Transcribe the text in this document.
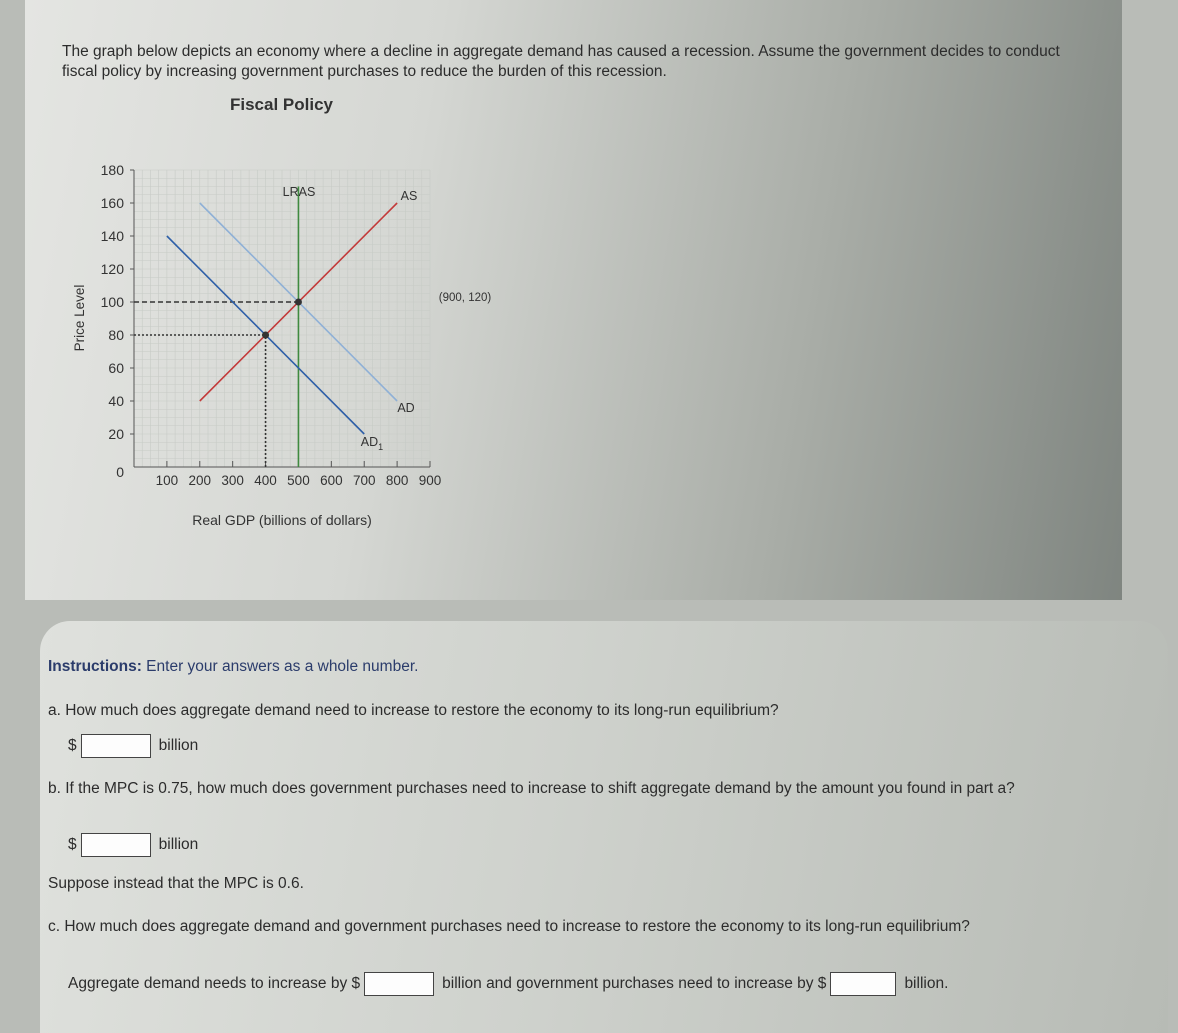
The graph below depicts an economy where a decline in aggregate demand has caused a recession. Assume the government decides to conduct fiscal policy by increasing government purchases to reduce the burden of this recession.
Fiscal Policy
20
40
60
80
100
120
140
160
180
0
100 200 300 400 500 600 700 800 900
LRAS	AS
AD
$AD_1$
(900, 120)
Price Level
Real GDP (billions of dollars)
Instructions: Enter your answers as a whole number.
a. How much does aggregate demand need to increase to restore the economy to its long-run equilibrium?
$	billion
b. If the MPC is 0.75, how much does government purchases need to increase to shift aggregate demand by the amount you found in part a?
$	billion
Suppose instead that the MPC is 0.6.
c. How much does aggregate demand and government purchases need to increase to restore the economy to its long-run equilibrium?
Aggregate demand needs to increase by $	billion and government purchases need to increase by $	billion.
